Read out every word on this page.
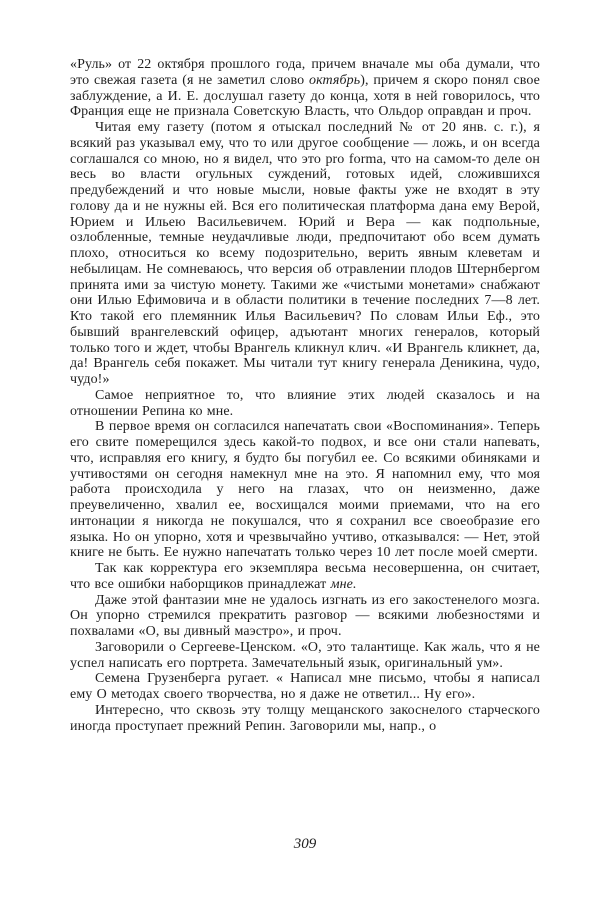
«Руль» от 22 октября прошлого года, причем вначале мы оба думали, что это свежая газета (я не заметил слово октябрь), причем я скоро понял свое заблуждение, а И. Е. дослушал газету до конца, хотя в ней говорилось, что Франция еще не признала Советскую Власть, что Ольдор оправдан и проч.

Читая ему газету (потом я отыскал последний № от 20 янв. с. г.), я всякий раз указывал ему, что то или другое сообщение — ложь, и он всегда соглашался со мною, но я видел, что это pro forma, что на самом-то деле он весь во власти огульных суждений, готовых идей, сложившихся предубеждений и что новые мысли, новые факты уже не входят в эту голову да и не нужны ей. Вся его политическая платформа дана ему Верой, Юрием и Ильею Васильевичем. Юрий и Вера — как подпольные, озлобленные, темные неудачливые люди, предпочитают обо всем думать плохо, относиться ко всему подозрительно, верить явным клеветам и небылицам. Не сомневаюсь, что версия об отравлении плодов Штернбергом принята ими за чистую монету. Такими же «чистыми монетами» снабжают они Илью Ефимовича и в области политики в течение последних 7—8 лет. Кто такой его племянник Илья Васильевич? По словам Ильи Еф., это бывший врангелевский офицер, адъютант многих генералов, который только того и ждет, чтобы Врангель кликнул клич. «И Врангель кликнет, да, да! Врангель себя покажет. Мы читали тут книгу генерала Деникина, чудо, чудо!»

Самое неприятное то, что влияние этих людей сказалось и на отношении Репина ко мне.

В первое время он согласился напечатать свои «Воспоминания». Теперь его свите померещился здесь какой-то подвох, и все они стали напевать, что, исправляя его книгу, я будто бы погубил ее. Со всякими обиняками и учтивостями он сегодня намекнул мне на это. Я напомнил ему, что моя работа происходила у него на глазах, что он неизменно, даже преувеличенно, хвалил ее, восхищался моими приемами, что на его интонации я никогда не покушался, что я сохранил все своеобразие его языка. Но он упорно, хотя и чрезвычайно учтиво, отказывался: — Нет, этой книге не быть. Ее нужно напечатать только через 10 лет после моей смерти.

Так как корректура его экземпляра весьма несовершенна, он считает, что все ошибки наборщиков принадлежат мне.

Даже этой фантазии мне не удалось изгнать из его закостенелого мозга. Он упорно стремился прекратить разговор — всякими любезностями и похвалами «О, вы дивный маэстро», и проч.

Заговорили о Сергееве-Ценском. «О, это талантище. Как жаль, что я не успел написать его портрета. Замечательный язык, оригинальный ум».

Семена Грузенберга ругает. « Написал мне письмо, чтобы я написал ему О методах своего творчества, но я даже не ответил... Ну его».

Интересно, что сквозь эту толщу мещанского закоснелого старческого иногда проступает прежний Репин. Заговорили мы, напр., о

309
